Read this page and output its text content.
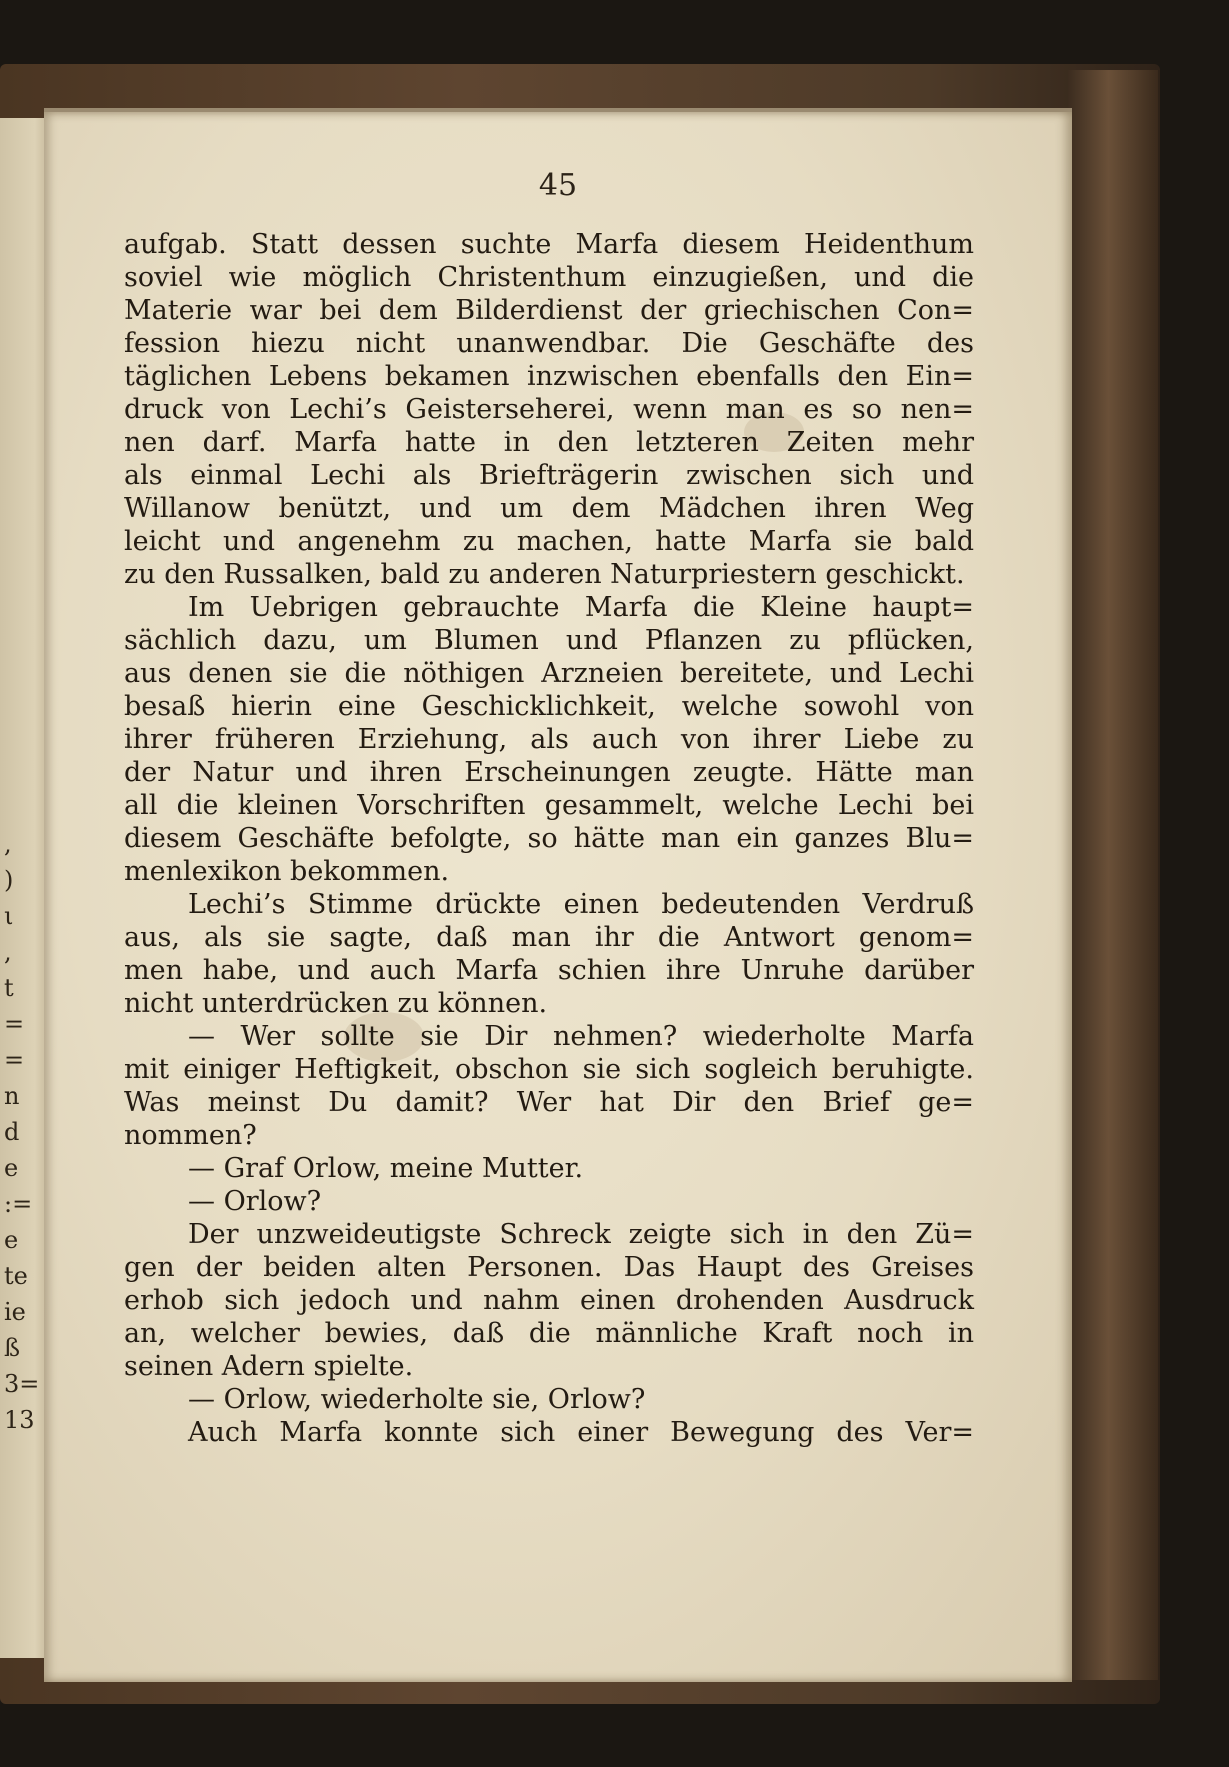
,
)
ι
,
t
=
=
n
d
e
:=
e
te
ie
ß
3=
13
45
aufgab. Statt dessen suchte Marfa diesem Heidenthum
soviel wie möglich Christenthum einzugießen, und die
Materie war bei dem Bilderdienst der griechischen Con=
fession hiezu nicht unanwendbar. Die Geschäfte des
täglichen Lebens bekamen inzwischen ebenfalls den Ein=
druck von Lechi’s Geisterseherei, wenn man es so nen=
nen darf. Marfa hatte in den letzteren Zeiten mehr
als einmal Lechi als Briefträgerin zwischen sich und
Willanow benützt, und um dem Mädchen ihren Weg
leicht und angenehm zu machen, hatte Marfa sie bald
zu den Russalken, bald zu anderen Naturpriestern geschickt.
Im Uebrigen gebrauchte Marfa die Kleine haupt=
sächlich dazu, um Blumen und Pflanzen zu pflücken,
aus denen sie die nöthigen Arzneien bereitete, und Lechi
besaß hierin eine Geschicklichkeit, welche sowohl von
ihrer früheren Erziehung, als auch von ihrer Liebe zu
der Natur und ihren Erscheinungen zeugte. Hätte man
all die kleinen Vorschriften gesammelt, welche Lechi bei
diesem Geschäfte befolgte, so hätte man ein ganzes Blu=
menlexikon bekommen.
Lechi’s Stimme drückte einen bedeutenden Verdruß
aus, als sie sagte, daß man ihr die Antwort genom=
men habe, und auch Marfa schien ihre Unruhe darüber
nicht unterdrücken zu können.
— Wer sollte sie Dir nehmen? wiederholte Marfa
mit einiger Heftigkeit, obschon sie sich sogleich beruhigte.
Was meinst Du damit? Wer hat Dir den Brief ge=
nommen?
— Graf Orlow, meine Mutter.
— Orlow?
Der unzweideutigste Schreck zeigte sich in den Zü=
gen der beiden alten Personen. Das Haupt des Greises
erhob sich jedoch und nahm einen drohenden Ausdruck
an, welcher bewies, daß die männliche Kraft noch in
seinen Adern spielte.
— Orlow, wiederholte sie, Orlow?
Auch Marfa konnte sich einer Bewegung des Ver=
